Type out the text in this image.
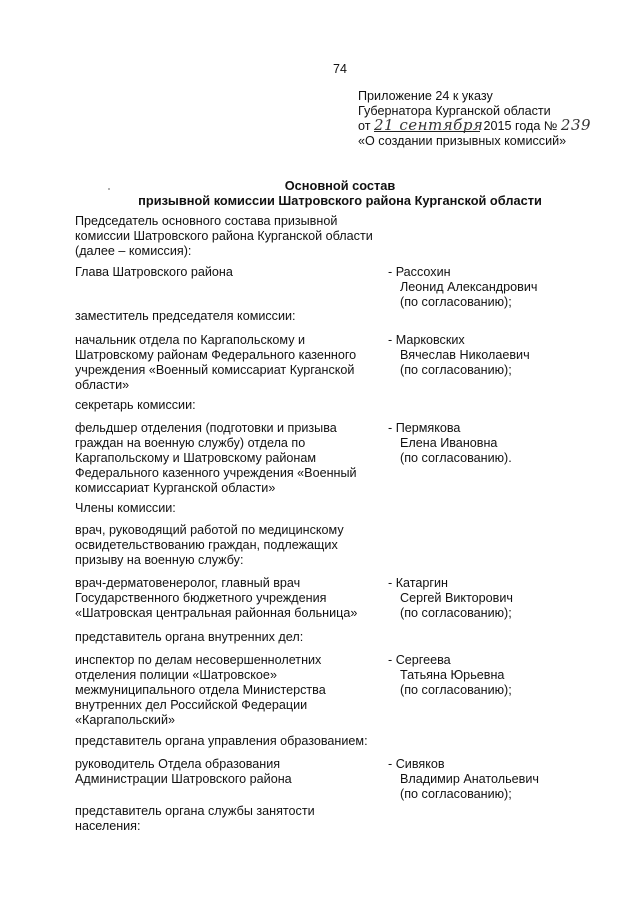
74
Приложение 24 к указу
Губернатора Курганской области
от 21 сентября 2015 года № 239
«О создании призывных комиссий»
Основной состав
призывной комиссии Шатровского района Курганской области
Председатель основного состава призывной комиссии Шатровского района Курганской области (далее – комиссия):
Глава Шатровского района	- Рассохин
Леонид Александрович
(по согласованию);
заместитель председателя комиссии:
начальник отдела по Каргапольскому и Шатровскому районам Федерального казенного учреждения «Военный комиссариат Курганской области»
- Марковских
Вячеслав Николаевич
(по согласованию);
секретарь комиссии:
фельдшер отделения (подготовки и призыва граждан на военную службу) отдела по Каргапольскому и Шатровскому районам Федерального казенного учреждения «Военный комиссариат Курганской области»
- Пермякова
Елена Ивановна
(по согласованию).
Члены комиссии:
врач, руководящий работой по медицинскому освидетельствованию граждан, подлежащих призыву на военную службу:
врач-дерматовенеролог, главный врач Государственного бюджетного учреждения «Шатровская центральная районная больница»
- Катаргин
Сергей Викторович
(по согласованию);
представитель органа внутренних дел:
инспектор по делам несовершеннолетних отделения полиции «Шатровское» межмуниципального отдела Министерства внутренних дел Российской Федерации «Каргапольский»
- Сергеева
Татьяна Юрьевна
(по согласованию);
представитель органа управления образованием:
руководитель Отдела образования Администрации Шатровского района
- Сивяков
Владимир Анатольевич
(по согласованию);
представитель органа службы занятости населения:
